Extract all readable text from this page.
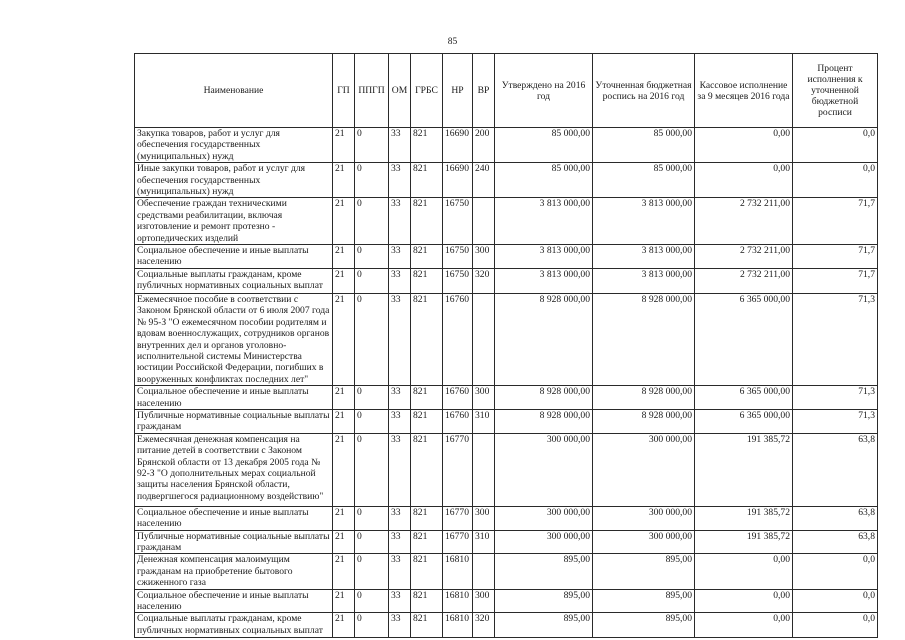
85
Наименование	ГП	ППГП	ОМ	ГРБС	НР	ВР	Утверждено на 2016 год	Уточненная бюджетная роспись на 2016 год	Кассовое исполнение за 9 месяцев 2016 года	Процент исполнения к уточненной бюджетной росписи
Закупка товаров, работ и услуг для обеспечения государственных (муниципальных) нужд	21	0	33	821	16690	200	85 000,00	85 000,00	0,00	0,0
Иные закупки товаров, работ и услуг для обеспечения государственных (муниципальных) нужд	21	0	33	821	16690	240	85 000,00	85 000,00	0,00	0,0
Обеспечение граждан техническими средствами реабилитации, включая изготовление и ремонт протезно - ортопедических изделий	21	0	33	821	16750		3 813 000,00	3 813 000,00	2 732 211,00	71,7
Социальное обеспечение и иные выплаты населению	21	0	33	821	16750	300	3 813 000,00	3 813 000,00	2 732 211,00	71,7
Социальные выплаты гражданам, кроме публичных нормативных социальных выплат	21	0	33	821	16750	320	3 813 000,00	3 813 000,00	2 732 211,00	71,7
Ежемесячное пособие в соответствии с Законом Брянской области от 6 июля 2007 года № 95-З "О ежемесячном пособии родителям и вдовам военнослужащих, сотрудников органов внутренних дел и органов уголовно-исполнительной системы Министерства юстиции Российской Федерации, погибших в вооруженных конфликтах последних лет"	21	0	33	821	16760		8 928 000,00	8 928 000,00	6 365 000,00	71,3
Социальное обеспечение и иные выплаты населению	21	0	33	821	16760	300	8 928 000,00	8 928 000,00	6 365 000,00	71,3
Публичные нормативные социальные выплаты гражданам	21	0	33	821	16760	310	8 928 000,00	8 928 000,00	6 365 000,00	71,3
Ежемесячная денежная компенсация на питание детей в соответствии с Законом Брянской области от 13 декабря 2005 года № 92-З "О дополнительных мерах социальной защиты населения Брянской области, подвергшегося радиационному воздействию"	21	0	33	821	16770		300 000,00	300 000,00	191 385,72	63,8
Социальное обеспечение и иные выплаты населению	21	0	33	821	16770	300	300 000,00	300 000,00	191 385,72	63,8
Публичные нормативные социальные выплаты гражданам	21	0	33	821	16770	310	300 000,00	300 000,00	191 385,72	63,8
Денежная компенсация малоимущим гражданам на приобретение бытового сжиженного газа	21	0	33	821	16810		895,00	895,00	0,00	0,0
Социальное обеспечение и иные выплаты населению	21	0	33	821	16810	300	895,00	895,00	0,00	0,0
Социальные выплаты гражданам, кроме публичных нормативных социальных выплат	21	0	33	821	16810	320	895,00	895,00	0,00	0,0
